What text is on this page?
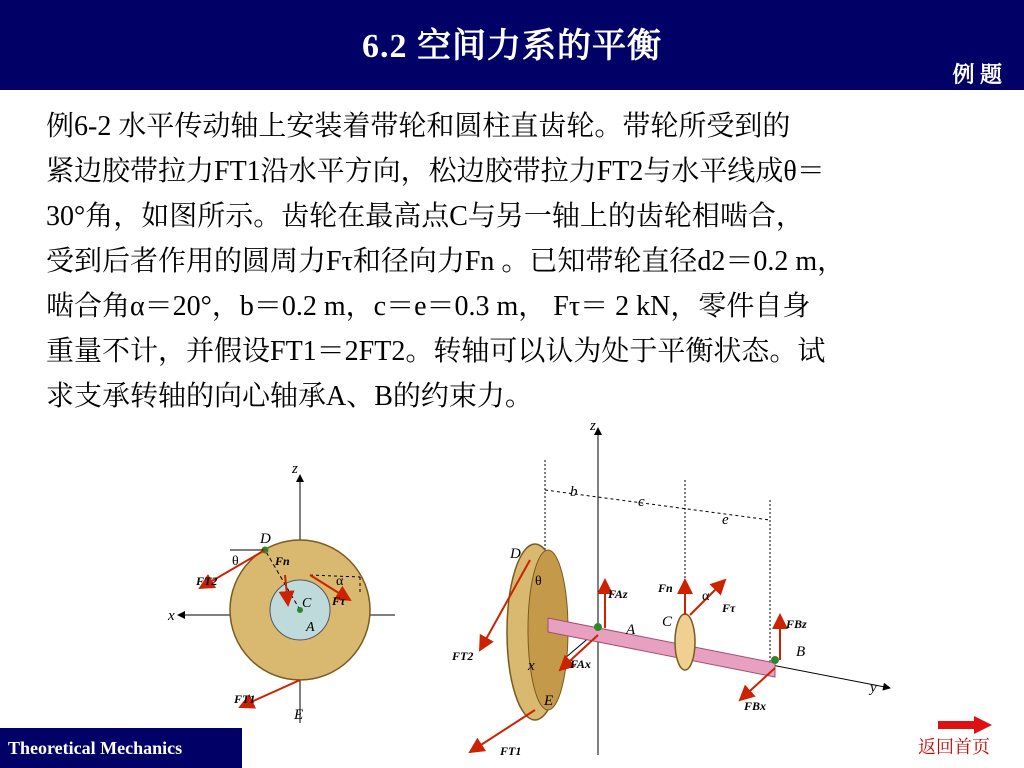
6.2 空间力系的平衡
例 题
例6-2 水平传动轴上安装着带轮和圆柱直齿轮。带轮所受到的
紧边胶带拉力FT1沿水平方向，松边胶带拉力FT2与水平线成θ＝
30°角，如图所示。齿轮在最高点C与另一轴上的齿轮相啮合，
受到后者作用的圆周力Fτ和径向力Fn 。已知带轮直径d2＝0.2 m，
啮合角α＝20°，b＝0.2 m，c＝e＝0.3 m， Fτ＝ 2 kN，零件自身
重量不计，并假设FT1＝2FT2。转轴可以认为处于平衡状态。试
求支承转轴的向心轴承A、B的约束力。
z
x
D
θ	Fn
α
FT2
C Fτ
A
FT1
E
z
b
c
e
D
θ
FAz	Fn
α
Fτ
C
A	FBz
B
y
x
FT2
FAx
E	FBx
FT1
Theoretical Mechanics	返回首页
